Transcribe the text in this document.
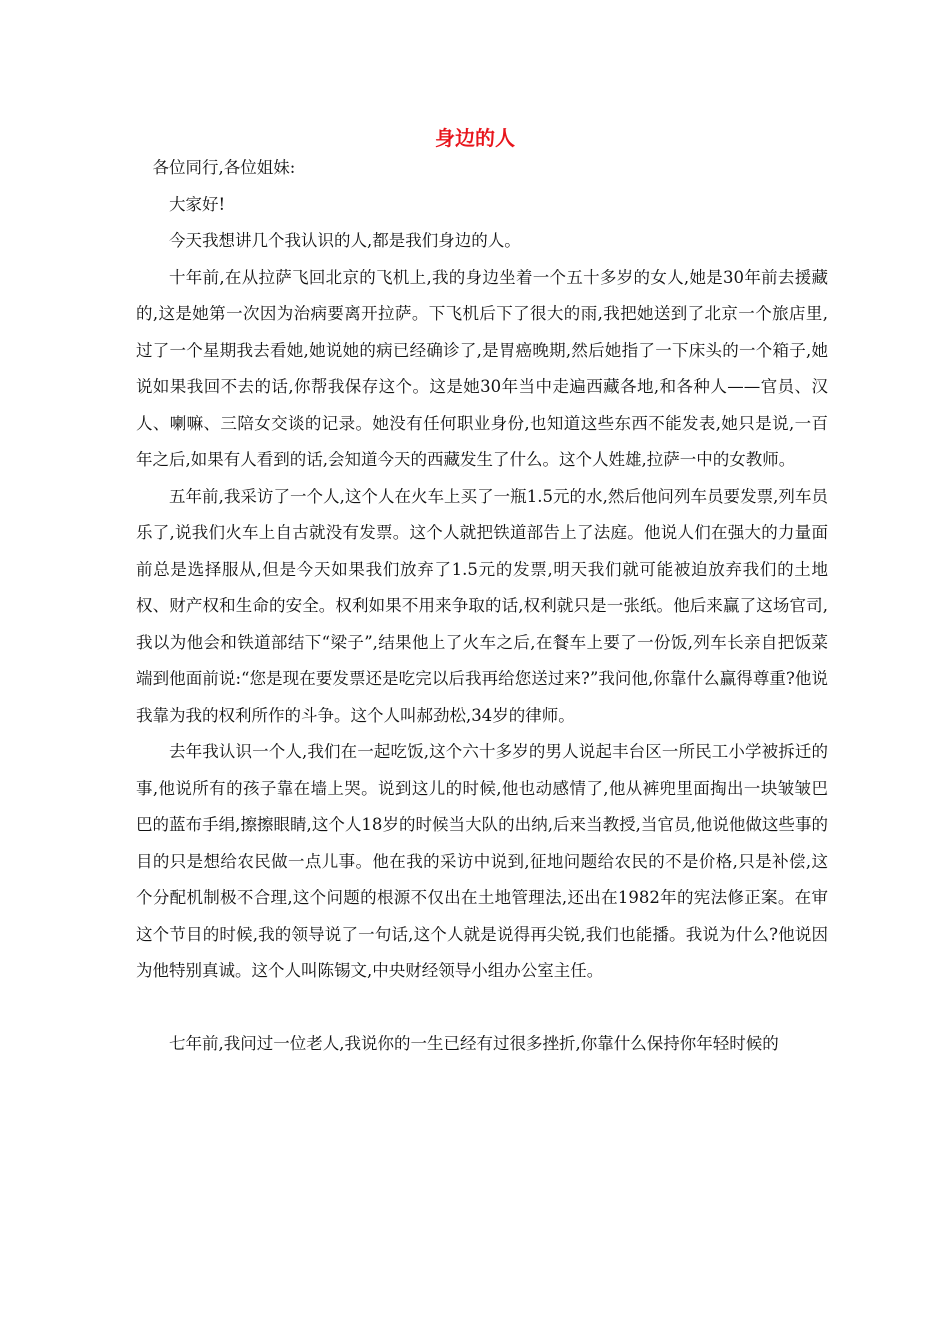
身边的人

各位同行,各位姐妹:

大家好!

今天我想讲几个我认识的人,都是我们身边的人。

十年前,在从拉萨飞回北京的飞机上,我的身边坐着一个五十多岁的女人,她是30年前去援藏的,这是她第一次因为治病要离开拉萨。下飞机后下了很大的雨,我把她送到了北京一个旅店里,过了一个星期我去看她,她说她的病已经确诊了,是胃癌晚期,然后她指了一下床头的一个箱子,她说如果我回不去的话,你帮我保存这个。这是她30年当中走遍西藏各地,和各种人——官员、汉人、喇嘛、三陪女交谈的记录。她没有任何职业身份,也知道这些东西不能发表,她只是说,一百年之后,如果有人看到的话,会知道今天的西藏发生了什么。这个人姓雄,拉萨一中的女教师。

五年前,我采访了一个人,这个人在火车上买了一瓶1.5元的水,然后他问列车员要发票,列车员乐了,说我们火车上自古就没有发票。这个人就把铁道部告上了法庭。他说人们在强大的力量面前总是选择服从,但是今天如果我们放弃了1.5元的发票,明天我们就可能被迫放弃我们的土地权、财产权和生命的安全。权利如果不用来争取的话,权利就只是一张纸。他后来赢了这场官司,我以为他会和铁道部结下“梁子”,结果他上了火车之后,在餐车上要了一份饭,列车长亲自把饭菜端到他面前说:“您是现在要发票还是吃完以后我再给您送过来?”我问他,你靠什么赢得尊重?他说我靠为我的权利所作的斗争。这个人叫郝劲松,34岁的律师。

去年我认识一个人,我们在一起吃饭,这个六十多岁的男人说起丰台区一所民工小学被拆迁的事,他说所有的孩子靠在墙上哭。说到这儿的时候,他也动感情了,他从裤兜里面掏出一块皱皱巴巴的蓝布手绢,擦擦眼睛,这个人18岁的时候当大队的出纳,后来当教授,当官员,他说他做这些事的目的只是想给农民做一点儿事。他在我的采访中说到,征地问题给农民的不是价格,只是补偿,这个分配机制极不合理,这个问题的根源不仅出在土地管理法,还出在1982年的宪法修正案。在审这个节目的时候,我的领导说了一句话,这个人就是说得再尖锐,我们也能播。我说为什么?他说因为他特别真诚。这个人叫陈锡文,中央财经领导小组办公室主任。

七年前,我问过一位老人,我说你的一生已经有过很多挫折,你靠什么保持你年轻时候的
